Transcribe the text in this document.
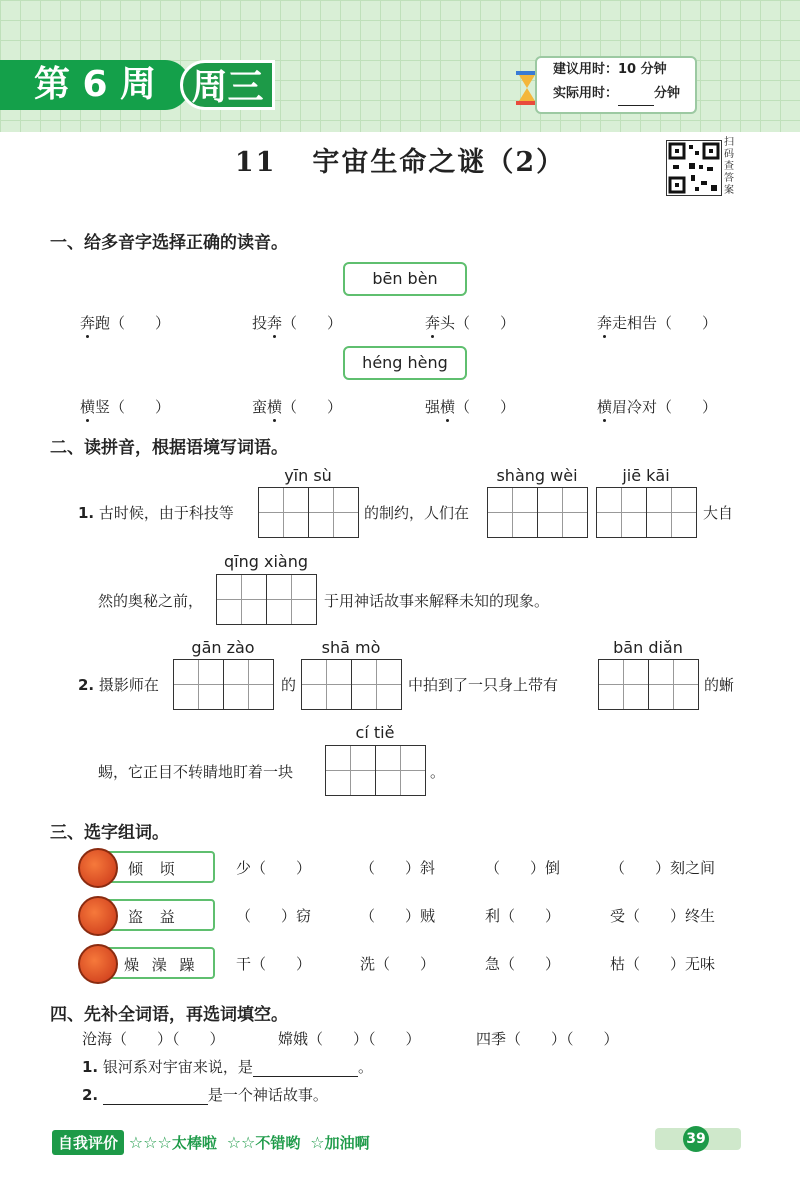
第 6 周 周三	建议用时：10 分钟
实际用时：	分钟
11 宇宙生命之谜（2）
扫
码
查
答
案
一、给多音字选择正确的读音。
bēn bèn
奔跑（　　）	投奔（　　）	奔头（　　）	奔走相告（　　）
héng hèng
横竖（　　）	蛮横（　　）	强横（　　）	横眉冷对（　　）
二、读拼音，根据语境写词语。
yīn sù	shàng wèi	jiē kāi
1. 古时候，由于科技等	的制约，人们在	大自
qīng xiàng
然的奥秘之前，	于用神话故事来解释未知的现象。
gān zào	shā mò	bān diǎn
2. 摄影师在	的	中拍到了一只身上带有	的蜥
cí tiě
蜴，它正目不转睛地盯着一块	。
三、选字组词。
倾 顷	少（　　）	（　　）斜	（　　）倒	（　　）刻之间
盗 益	（　　）窃	（　　）贼	利（　　）	受（　　）终生
燥 澡 躁	干（　　）	洗（　　）	急（　　）	枯（　　）无味
四、先补全词语，再选词填空。
沧海（　　）（　　）	嫦娥（　　）（　　）	四季（　　）（　　）
1. 银河系对宇宙来说，是	。
2.	是一个神话故事。
自我评价 ☆☆☆太棒啦  ☆☆不错哟  ☆加油啊	39
